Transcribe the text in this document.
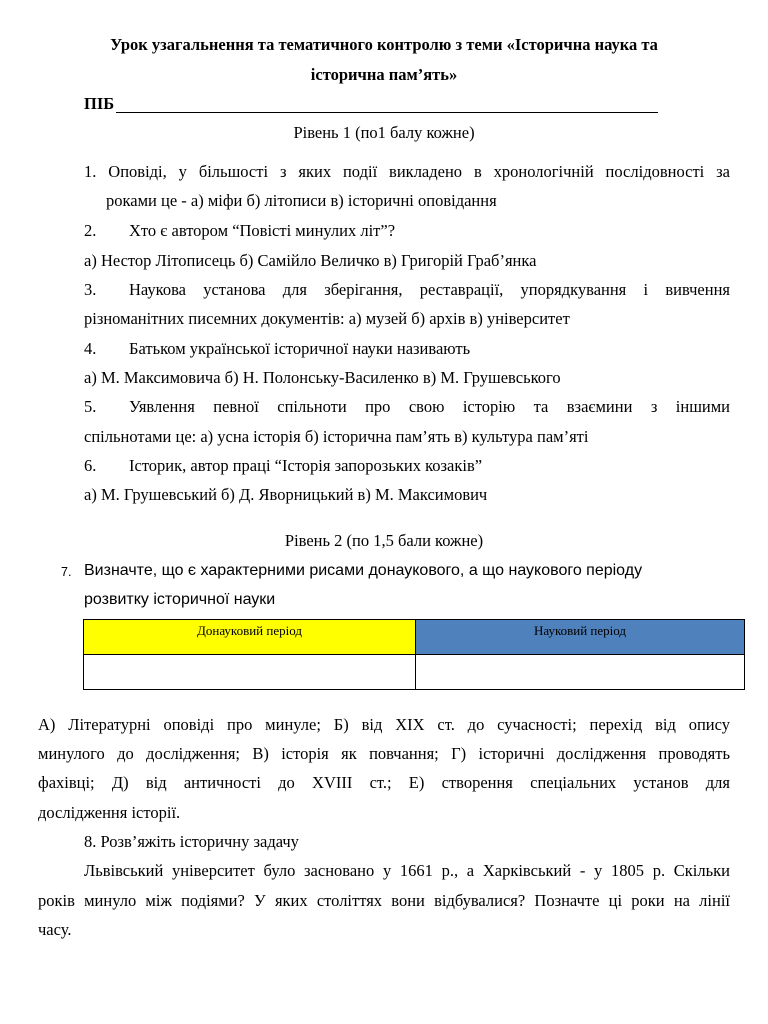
Урок узагальнення та тематичного контролю з теми «Історична наука та
історична пам’ять»
ПІБ
Рівень 1 (по1 балу кожне)
1. Оповіді, у більшості з яких події викладено в хронологічній послідовності за
роками це - а) міфи б) літописи в) історичні оповідання
2. Хто є автором “Повісті минулих літ”?
а) Нестор Літописець б) Самійло Величко в) Григорій Граб’янка
3. Наукова установа для зберігання, реставрації, упорядкування і вивчення
різноманітних писемних документів: а) музей б) архів в) університет
4. Батьком української історичної науки називають
а) М. Максимовича б) Н. Полонську-Василенко в) М. Грушевського
5. Уявлення певної спільноти про свою історію та взаємини з іншими
спільнотами це: а) усна історія б) історична пам’ять в) культура пам’яті
6. Історик, автор праці “Історія запорозьких козаків”
а) М. Грушевський б) Д. Яворницький в) М. Максимович
Рівень 2 (по 1,5 бали кожне)
7. Визначте, що є характерними рисами донаукового, а що наукового періоду
розвитку історичної науки
Донауковий період	Науковий період

А) Літературні оповіді про минуле; Б) від XIX ст. до сучасності; перехід від опису
минулого до дослідження; В) історія як повчання; Г) історичні дослідження проводять
фахівці; Д) від античності до XVIII ст.; Е) створення спеціальних установ для
дослідження історії.
8. Розв’яжіть історичну задачу
Львівський університет було засновано у 1661 р., а Харківський - у 1805 р. Скільки
років минуло між подіями? У яких століттях вони відбувалися? Позначте ці роки на лінії
часу.
